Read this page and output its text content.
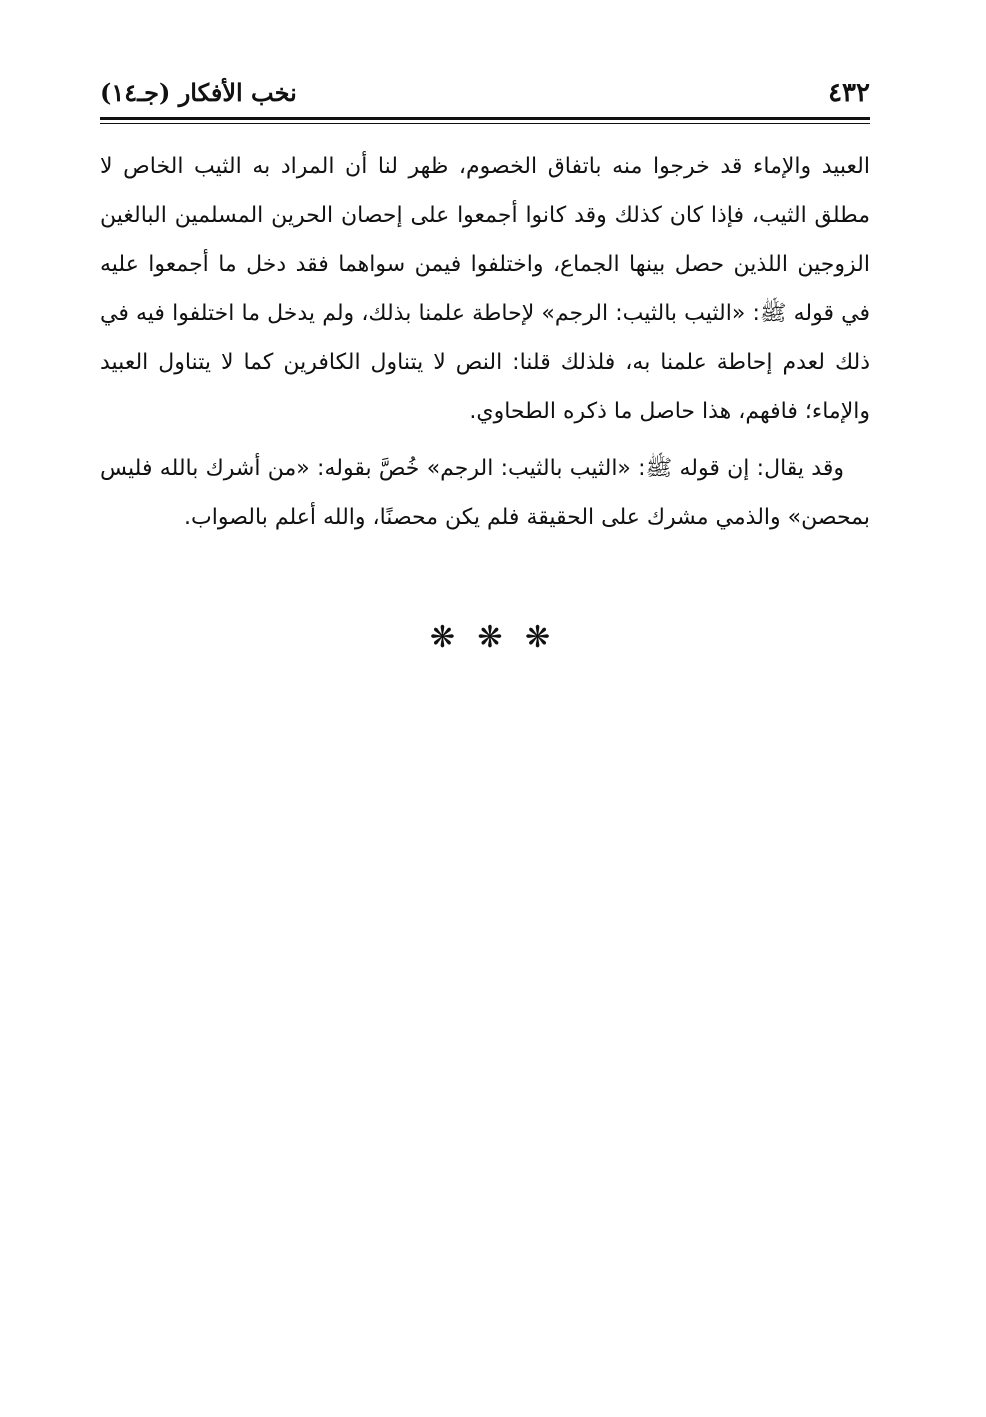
٤٣٢
نخب الأفكار (جـ١٤)

العبيد والإماء قد خرجوا منه باتفاق الخصوم، ظهر لنا أن المراد به الثيب الخاص لا مطلق الثيب، فإذا كان كذلك وقد كانوا أجمعوا على إحصان الحرين المسلمين البالغين الزوجين اللذين حصل بينها الجماع، واختلفوا فيمن سواهما فقد دخل ما أجمعوا عليه في قوله ﷺ: «الثيب بالثيب: الرجم» لإحاطة علمنا بذلك، ولم يدخل ما اختلفوا فيه في ذلك لعدم إحاطة علمنا به، فلذلك قلنا: النص لا يتناول الكافرين كما لا يتناول العبيد والإماء؛ فافهم، هذا حاصل ما ذكره الطحاوي.

وقد يقال: إن قوله ﷺ: «الثيب بالثيب: الرجم» خُصَّ بقوله: «من أشرك بالله فليس بمحصن» والذمي مشرك على الحقيقة فلم يكن محصنًا، والله أعلم بالصواب.

❋ ❋ ❋
